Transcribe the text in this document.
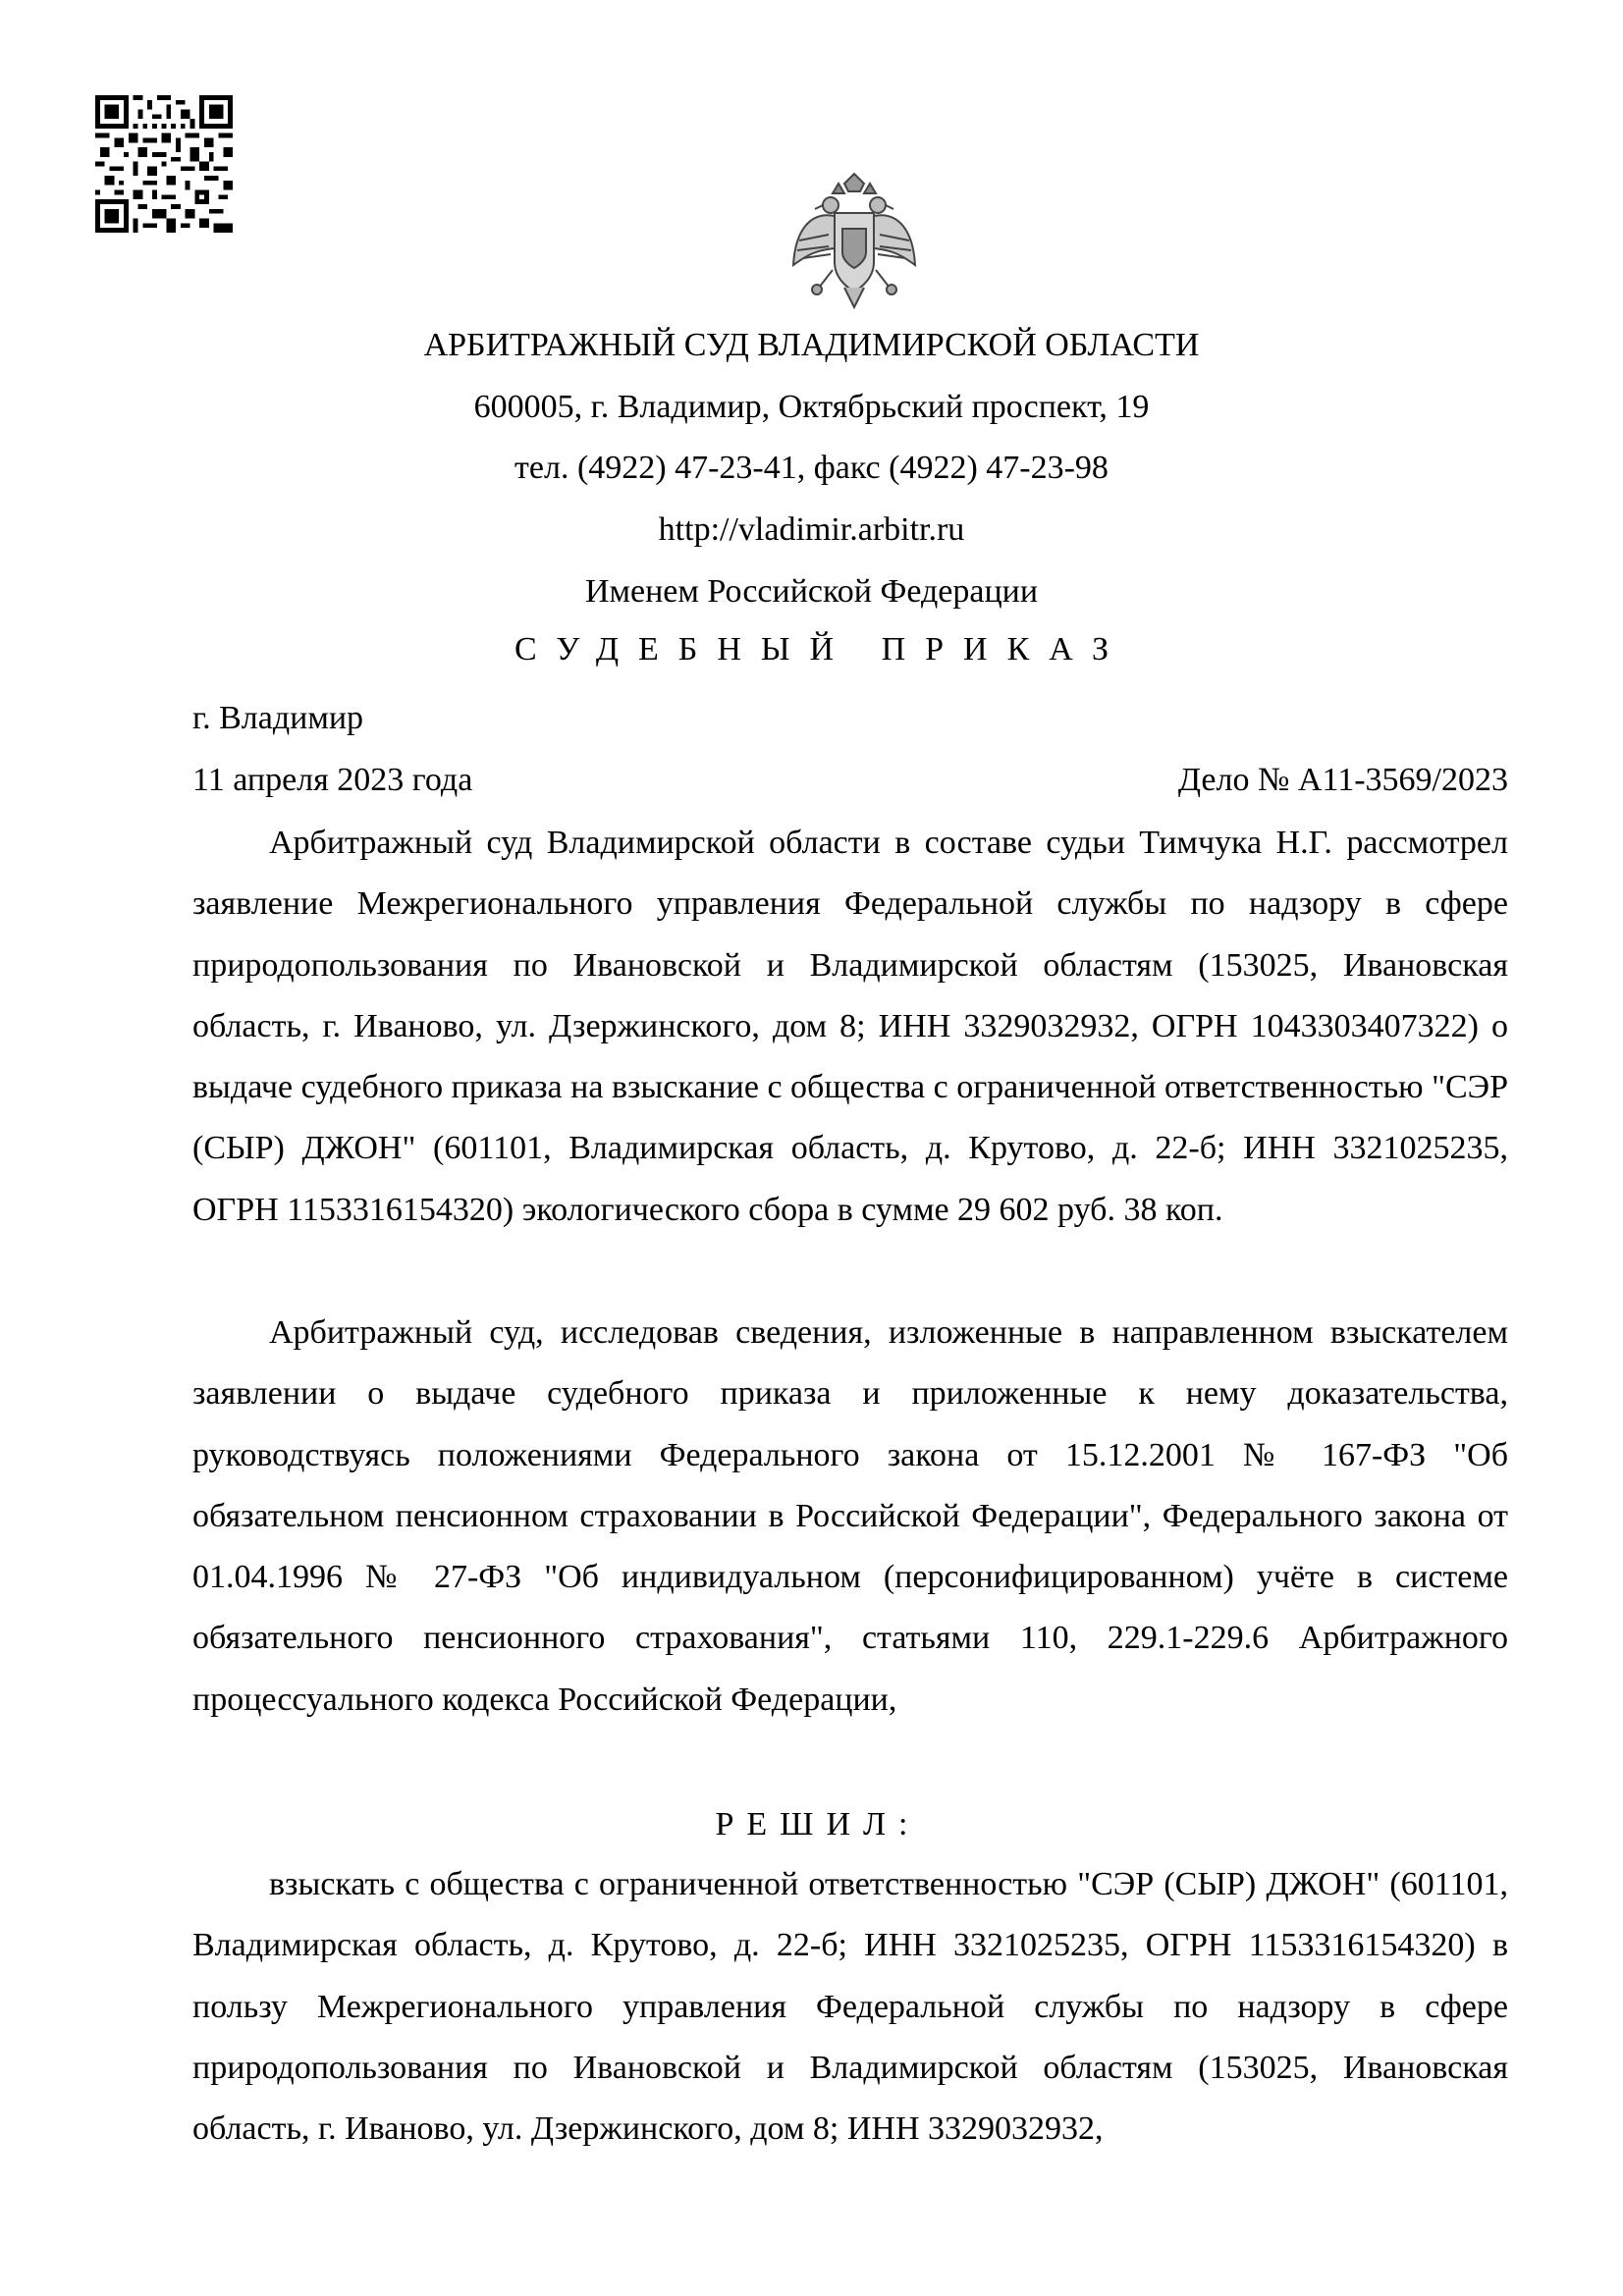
АРБИТРАЖНЫЙ СУД ВЛАДИМИРСКОЙ ОБЛАСТИ
600005, г. Владимир, Октябрьский проспект, 19
тел. (4922) 47-23-41, факс (4922) 47-23-98
http://vladimir.arbitr.ru
Именем Российской Федерации
СУДЕБНЫЙ ПРИКАЗ
г. Владимир
11 апреля 2023 года	Дело № А11-3569/2023

Арбитражный суд Владимирской области в составе судьи Тимчука Н.Г. рассмотрел заявление Межрегионального управления Федеральной службы по надзору в сфере природопользования по Ивановской и Владимирской областям (153025, Ивановская область, г. Иваново, ул. Дзержинского, дом 8; ИНН 3329032932, ОГРН 1043303407322) о выдаче судебного приказа на взыскание с общества с ограниченной ответственностью "СЭР (СЫР) ДЖОН" (601101, Владимирская область, д. Крутово, д. 22-б; ИНН 3321025235, ОГРН 1153316154320) экологического сбора в сумме 29 602 руб. 38 коп.

Арбитражный суд, исследовав сведения, изложенные в направленном взыскателем заявлении о выдаче судебного приказа и приложенные к нему доказательства, руководствуясь положениями Федерального закона от 15.12.2001 № 167-ФЗ "Об обязательном пенсионном страховании в Российской Федерации", Федерального закона от 01.04.1996 № 27-ФЗ "Об индивидуальном (персонифицированном) учёте в системе обязательного пенсионного страхования", статьями 110, 229.1-229.6 Арбитражного процессуального кодекса Российской Федерации,

РЕШИЛ:

взыскать с общества с ограниченной ответственностью "СЭР (СЫР) ДЖОН" (601101, Владимирская область, д. Крутово, д. 22-б; ИНН 3321025235, ОГРН 1153316154320) в пользу Межрегионального управления Федеральной службы по надзору в сфере природопользования по Ивановской и Владимирской областям (153025, Ивановская область, г. Иваново, ул. Дзержинского, дом 8; ИНН 3329032932,
